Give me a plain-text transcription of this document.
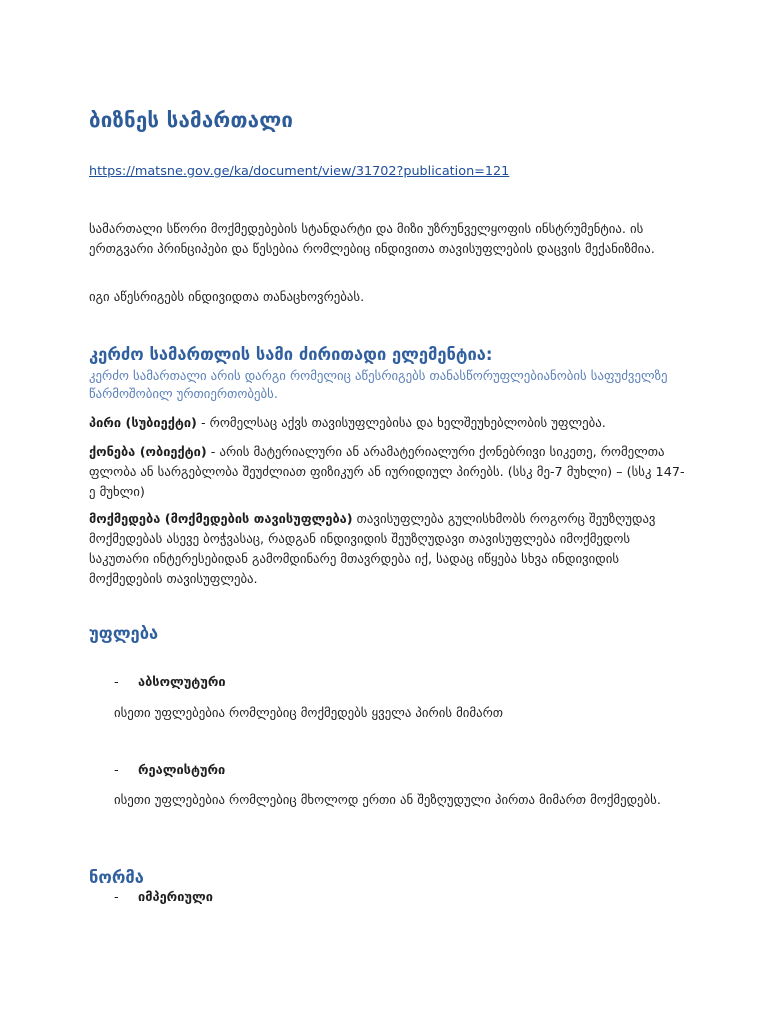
ბიზნეს სამართალი
https://matsne.gov.ge/ka/document/view/31702?publication=121
სამართალი სწორი მოქმედებების სტანდარტი და მიზი უზრუნველყოფის ინსტრუმენტია. ის ერთგვარი პრინციპები და წესებია რომლებიც ინდივითა თავისუფლების დაცვის მექანიზმია.
იგი აწესრიგებს ინდივიდთა თანაცხოვრებას.
კერძო სამართლის სამი ძირითადი ელემენტია:
კერძო სამართალი არის დარგი რომელიც აწესრიგებს თანასწორუფლებიანობის საფუძველზე წარმოშობილ ურთიერთობებს.
პირი (სუბიექტი) - რომელსაც აქვს თავისუფლებისა და ხელშეუხებლობის უფლება.
ქონება (ობიექტი) - არის მატერიალური ან არამატერიალური ქონებრივი სიკეთე, რომელთა ფლობა ან სარგებლობა შეუძლიათ ფიზიკურ ან იურიდიულ პირებს. (სსკ მე-7 მუხლი) – (სსკ 147-ე მუხლი)
მოქმედება (მოქმედების თავისუფლება) თავისუფლება გულისხმობს როგორც შეუზღუდავ მოქმედებას ასევე ბოჭვასაც, რადგან ინდივიდის შეუზღუდავი თავისუფლება იმოქმედოს საკუთარი ინტერესებიდან გამომდინარე მთავრდება იქ, სადაც იწყება სხვა ინდივიდის მოქმედების თავისუფლება.
უფლება
- აბსოლუტური
ისეთი უფლებებია რომლებიც მოქმედებს ყველა პირის მიმართ
- რეალისტური
ისეთი უფლებებია რომლებიც მხოლოდ ერთი ან შეზღუდული პირთა მიმართ მოქმედებს.
ნორმა
- იმპერიული
